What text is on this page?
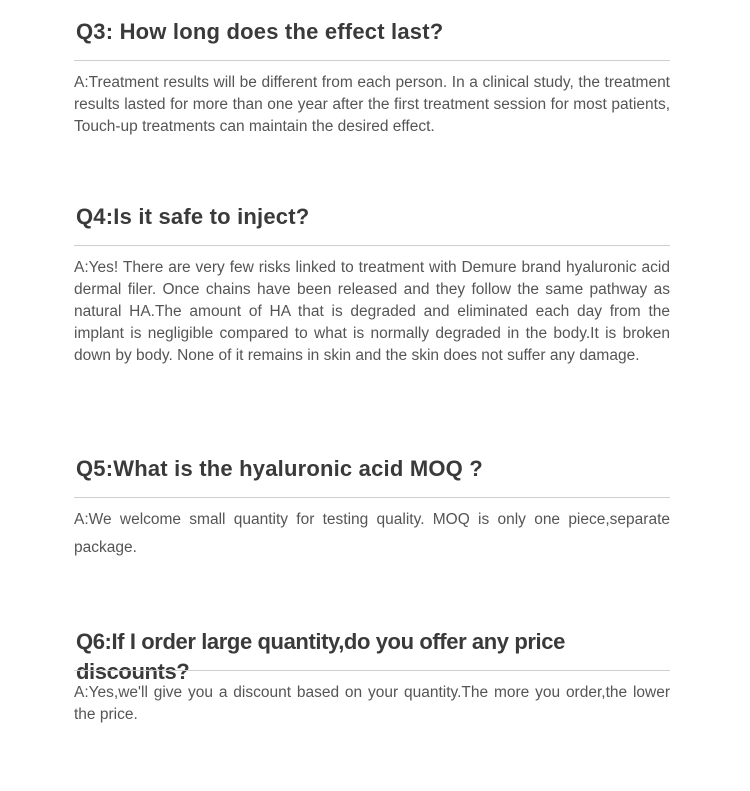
Q3: How long does the effect last?

A:Treatment results will be different from each person. In a clinical study, the treatment results lasted for more than one year after the first treatment session for most patients, Touch-up treatments can maintain the desired effect.

Q4:Is it safe to inject?

A:Yes! There are very few risks linked to treatment with Demure brand hyaluronic acid dermal filer. Once chains have been released and they follow the same pathway as natural HA.The amount of HA that is degraded and eliminated each day from the implant is negligible compared to what is normally degraded in the body.It is broken down by body. None of it remains in skin and the skin does not suffer any damage.

Q5:What is the hyaluronic acid MOQ ?

A:We welcome small quantity for testing quality. MOQ is only one piece,separate package.

Q6:If I order large quantity,do you offer any price discounts?

A:Yes,we'll give you a discount based on your quantity.The more you order,the lower the price.
